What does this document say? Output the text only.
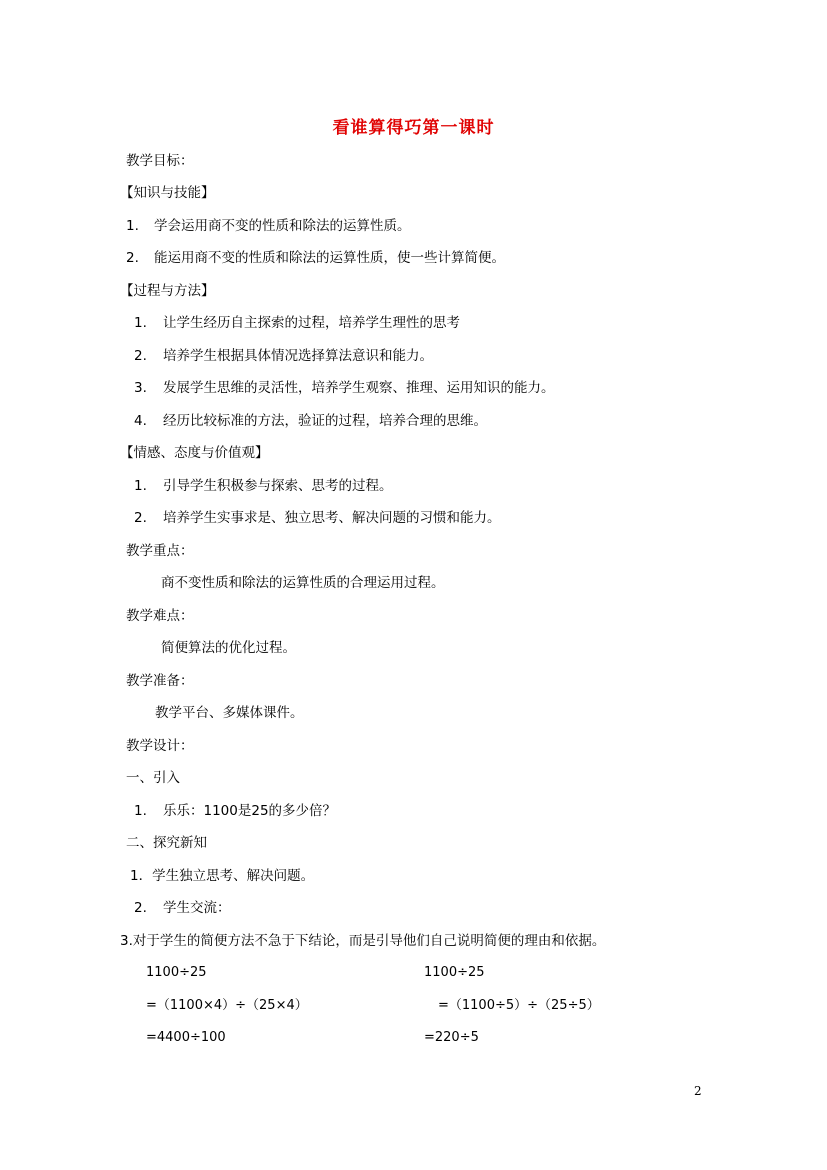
看谁算得巧第一课时
教学目标：
【知识与技能】
1. 学会运用商不变的性质和除法的运算性质。
2. 能运用商不变的性质和除法的运算性质，使一些计算简便。
【过程与方法】
1. 让学生经历自主探索的过程，培养学生理性的思考
2. 培养学生根据具体情况选择算法意识和能力。
3. 发展学生思维的灵活性，培养学生观察、推理、运用知识的能力。
4. 经历比较标准的方法，验证的过程，培养合理的思维。
【情感、态度与价值观】
1. 引导学生积极参与探索、思考的过程。
2. 培养学生实事求是、独立思考、解决问题的习惯和能力。
教学重点：
商不变性质和除法的运算性质的合理运用过程。
教学难点：
简便算法的优化过程。
教学准备：
教学平台、多媒体课件。
教学设计：
一、引入
1. 乐乐：1100是25的多少倍？
二、探究新知
1．学生独立思考、解决问题。
2. 学生交流：
3.对于学生的简便方法不急于下结论，而是引导他们自己说明简便的理由和依据。
1100÷25
=（1100×4）÷（25×4）
=4400÷100
1100÷25
=（1100÷5）÷（25÷5）
=220÷5
2
